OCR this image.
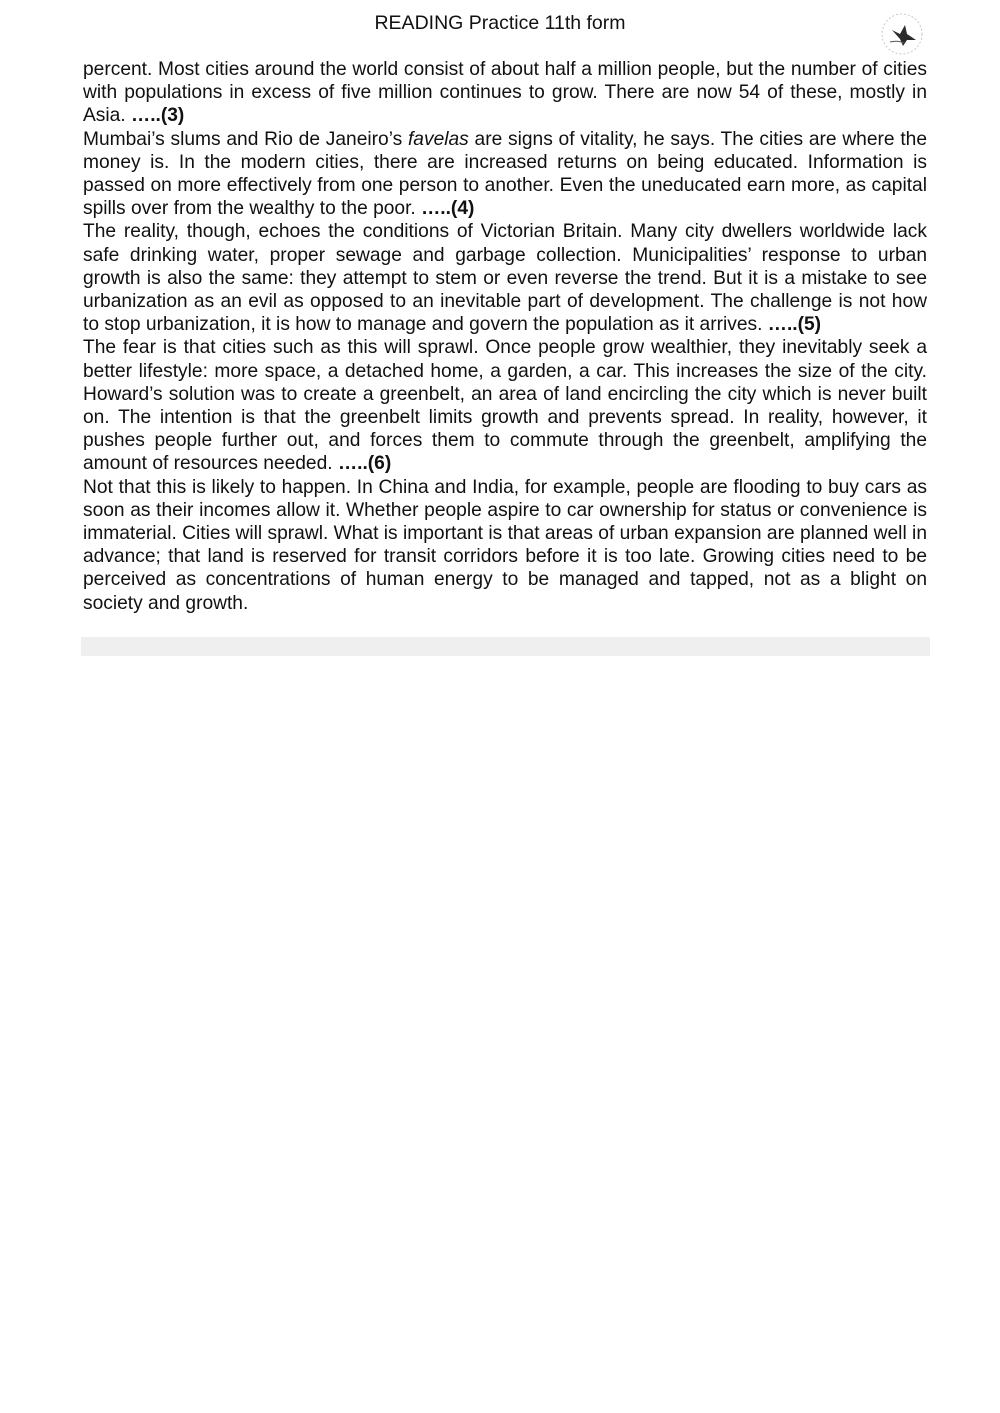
READING Practice 11th form

percent. Most cities around the world consist of about half a million people, but the number of cities with populations in excess of five million continues to grow. There are now 54 of these, mostly in Asia. …..(3)

Mumbai’s slums and Rio de Janeiro’s favelas are signs of vitality, he says. The cities are where the money is. In the modern cities, there are increased returns on being educated. Information is passed on more effectively from one person to another. Even the uneducated earn more, as capital spills over from the wealthy to the poor. …..(4)

The reality, though, echoes the conditions of Victorian Britain. Many city dwellers worldwide lack safe drinking water, proper sewage and garbage collection. Municipalities’ response to urban growth is also the same: they attempt to stem or even reverse the trend. But it is a mistake to see urbanization as an evil as opposed to an inevitable part of development. The challenge is not how to stop urbanization, it is how to manage and govern the population as it arrives. …..(5)

The fear is that cities such as this will sprawl. Once people grow wealthier, they inevitably seek a better lifestyle: more space, a detached home, a garden, a car. This increases the size of the city. Howard’s solution was to create a greenbelt, an area of land encircling the city which is never built on. The intention is that the greenbelt limits growth and prevents spread. In reality, however, it pushes people further out, and forces them to commute through the greenbelt, amplifying the amount of resources needed. …..(6)

Not that this is likely to happen. In China and India, for example, people are flooding to buy cars as soon as their incomes allow it. Whether people aspire to car ownership for status or convenience is immaterial. Cities will sprawl. What is important is that areas of urban expansion are planned well in advance; that land is reserved for transit corridors before it is too late. Growing cities need to be perceived as concentrations of human energy to be managed and tapped, not as a blight on society and growth.
